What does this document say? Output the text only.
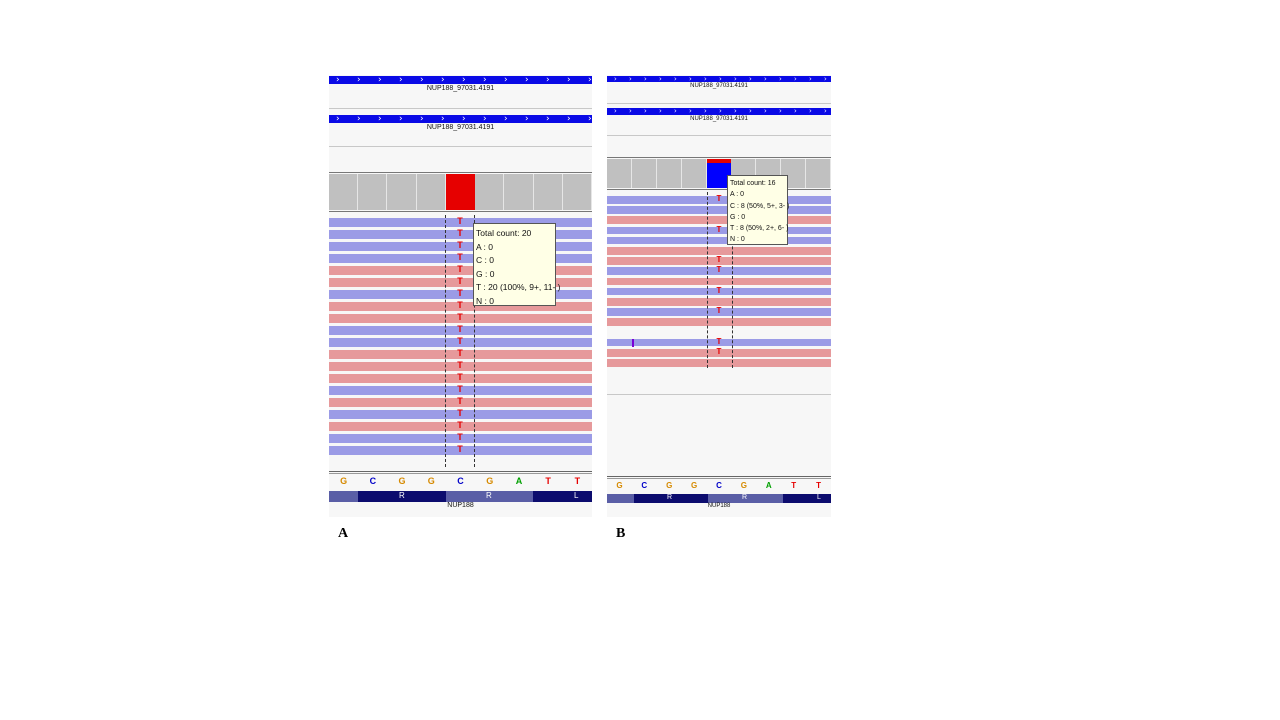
› › › › › › › › › › › › ›
NUP188_97031.4191
› › › › › › › › › › › › ›
NUP188_97031.4191
T
T
T
T
T
T
T
T
T
T
T
T
T
T
T
T
T
T
T
T
Total count: 20
A : 0
C : 0
G : 0
T : 20 (100%, 9+, 11- )
N : 0
G	C	G	G	C	G	A	T	T
R	R	L
NUP188
A
› › › › › › › › › › › › › › ›
NUP188_97031.4191
› › › › › › › › › › › › › › ›
NUP188_97031.4191
T
T
T
T
T
T
T
T
Total count: 16
A : 0
C : 8 (50%, 5+, 3- )
G : 0
T : 8 (50%, 2+, 6- )
N : 0
G	C	G	G	C	G	A	T	T
R	R	L
NUP188
B
